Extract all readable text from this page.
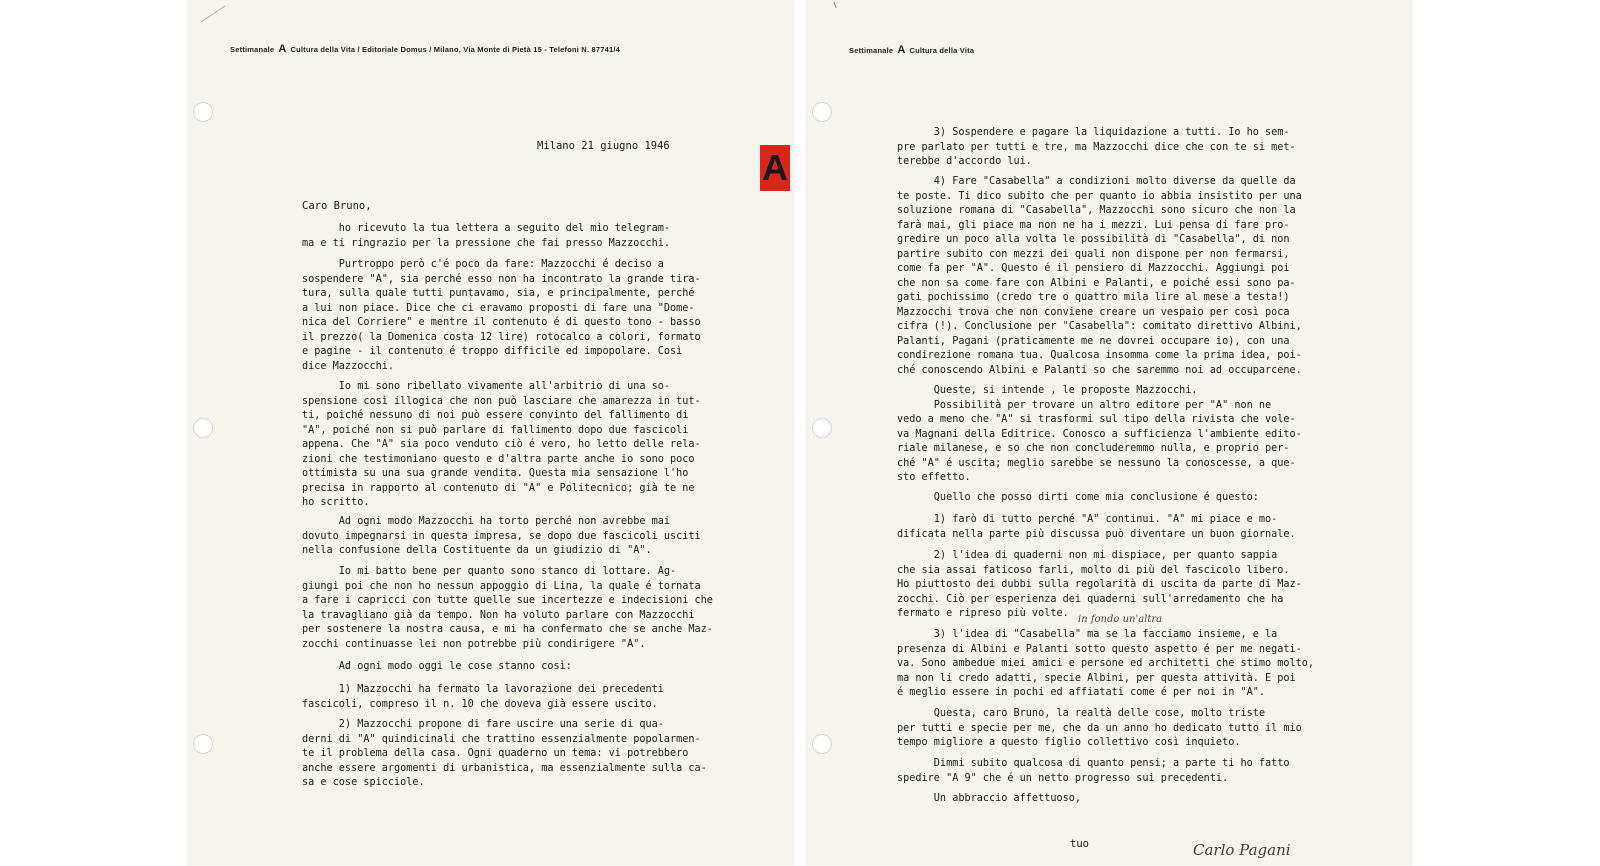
Settimanale A Cultura della Vita / Editoriale Domus / Milano, Via Monte di Pietà 15 - Telefoni N. 87741/4
A
Milano 21 giugno 1946
Caro Bruno,
ho ricevuto la tua lettera a seguito del mio telegram-
ma e ti ringrazio per la pressione che fai presso Mazzocchi.
Purtroppo però c'é poco da fare: Mazzocchi é deciso a
sospendere "A", sia perché esso non ha incontrato la grande tira-
tura, sulla quale tutti puntavamo, sia, e principalmente, perché
a lui non piace. Dice che ci eravamo proposti di fare una "Dome-
nica del Corriere" e mentre il contenuto é di questo tono - basso
il prezzo( la Domenica costa 12 lire) rotocalco a colori, formato
e pagine - il contenuto é troppo difficile ed impopolare. Così
dice Mazzocchi.
Io mi sono ribellato vivamente all'arbitrio di una so-
spensione così illogica che non può lasciare che amarezza in tut-
ti, poiché nessuno di noi può essere convinto del fallimento di
"A", poiché non si può parlare di fallimento dopo due fascicoli
appena. Che "A" sia poco venduto ciò é vero, ho letto delle rela-
zioni che testimoniano questo e d'altra parte anche io sono poco
ottimista su una sua grande vendita. Questa mia sensazione l'ho
precisa in rapporto al contenuto di "A" e Politecnico; già te ne
ho scritto.
Ad ogni modo Mazzocchi ha torto perché non avrebbe mai
dovuto impegnarsi in questa impresa, se dopo due fascicoli usciti
nella confusione della Costituente da un giudizio di "A".
Io mi batto bene per quanto sono stanco di lottare. Ag-
giungi poi che non ho nessun appoggio di Lina, la quale é tornata
a fare i capricci con tutte quelle sue incertezze e indecisioni che
la travagliano già da tempo. Non ha voluto parlare con Mazzocchi
per sostenere la nostra causa, e mi ha confermato che se anche Maz-
zocchi continuasse lei non potrebbe più condirigere "A".
Ad ogni modo oggi le cose stanno così:
1) Mazzocchi ha fermato la lavorazione dei precedenti
fascicoli, compreso il n. 10 che doveva già essere uscito.
2) Mazzocchi propone di fare uscire una serie di qua-
derni di "A" quindicinali che trattino essenzialmente popolarmen-
te il problema della casa. Ogni quaderno un tema: vi potrebbero
anche essere argomenti di urbanistica, ma essenzialmente sulla ca-
sa e cose spicciole.
Settimanale A Cultura della Vita
3) Sospendere e pagare la liquidazione a tutti. Io ho sem-
pre parlato per tutti e tre, ma Mazzocchi dice che con te si met-
terebbe d'accordo lui.
4) Fare "Casabella" a condizioni molto diverse da quelle da
te poste. Ti dico subito che per quanto io abbia insistito per una
soluzione romana di "Casabella", Mazzocchi sono sicuro che non la
farà mai, gli piace ma non ne ha i mezzi. Lui pensa di fare pro-
gredire un poco alla volta le possibilità di "Casabella", di non
partire subito con mezzi dei quali non dispone per non fermarsi,
come fa per "A". Questo é il pensiero di Mazzocchi. Aggiungi poi
che non sa come fare con Albini e Palanti, e poiché essi sono pa-
gati pochissimo (credo tre o quattro mila lire al mese a testa!)
Mazzocchi trova che non conviene creare un vespaio per così poca
cifra (!). Conclusione per "Casabella": comitato direttivo Albini,
Palanti, Pagani (praticamente me ne dovrei occupare io), con una
condirezione romana tua. Qualcosa insomma come la prima idea, poi-
ché conoscendo Albini e Palanti so che saremmo noi ad occuparcene.
Queste, si intende , le proposte Mazzocchi.
Possibilità per trovare un altro editore per "A" non ne
vedo a meno che "A" si trasformi sul tipo della rivista che vole-
va Magnani della Editrice. Conosco a sufficienza l'ambiente edito-
riale milanese, e so che non concluderemmo nulla, e proprio per-
ché "A" é uscita; meglio sarebbe se nessuno la conoscesse, a que-
sto effetto.
Quello che posso dirti come mia conclusione é questo:
1) farò di tutto perché "A" continui. "A" mi piace e mo-
dificata nella parte più discussa può diventare un buon giornale.
2) l'idea di quaderni non mi dispiace, per quanto sappia
che sia assai faticoso farli, molto di più del fascicolo libero.
Ho piuttosto dei dubbi sulla regolarità di uscita da parte di Maz-
zocchi. Ciò per esperienza dei quaderni sull'arredamento che ha
fermato e ripreso più volte.
3) l'idea di "Casabella" ma se la facciamo insieme, e la
presenza di Albini e Palanti sotto questo aspetto é per me negati-
va. Sono ambedue miei amici e persone ed architetti che stimo molto,
ma non li credo adatti, specie Albini, per questa attività. E poi
é meglio essere in pochi ed affiatati come é per noi in "A".
Questa, caro Bruno, la realtà delle cose, molto triste
per tutti e specie per me, che da un anno ho dedicato tutto il mio
tempo migliore a questo figlio collettivo così inquieto.
Dimmi subito qualcosa di quanto pensi; a parte ti ho fatto
spedire "A 9" che é un netto progresso sui precedenti.
Un abbraccio affettuoso,
in fondo un'altra
tuo	Carlo Pagani
